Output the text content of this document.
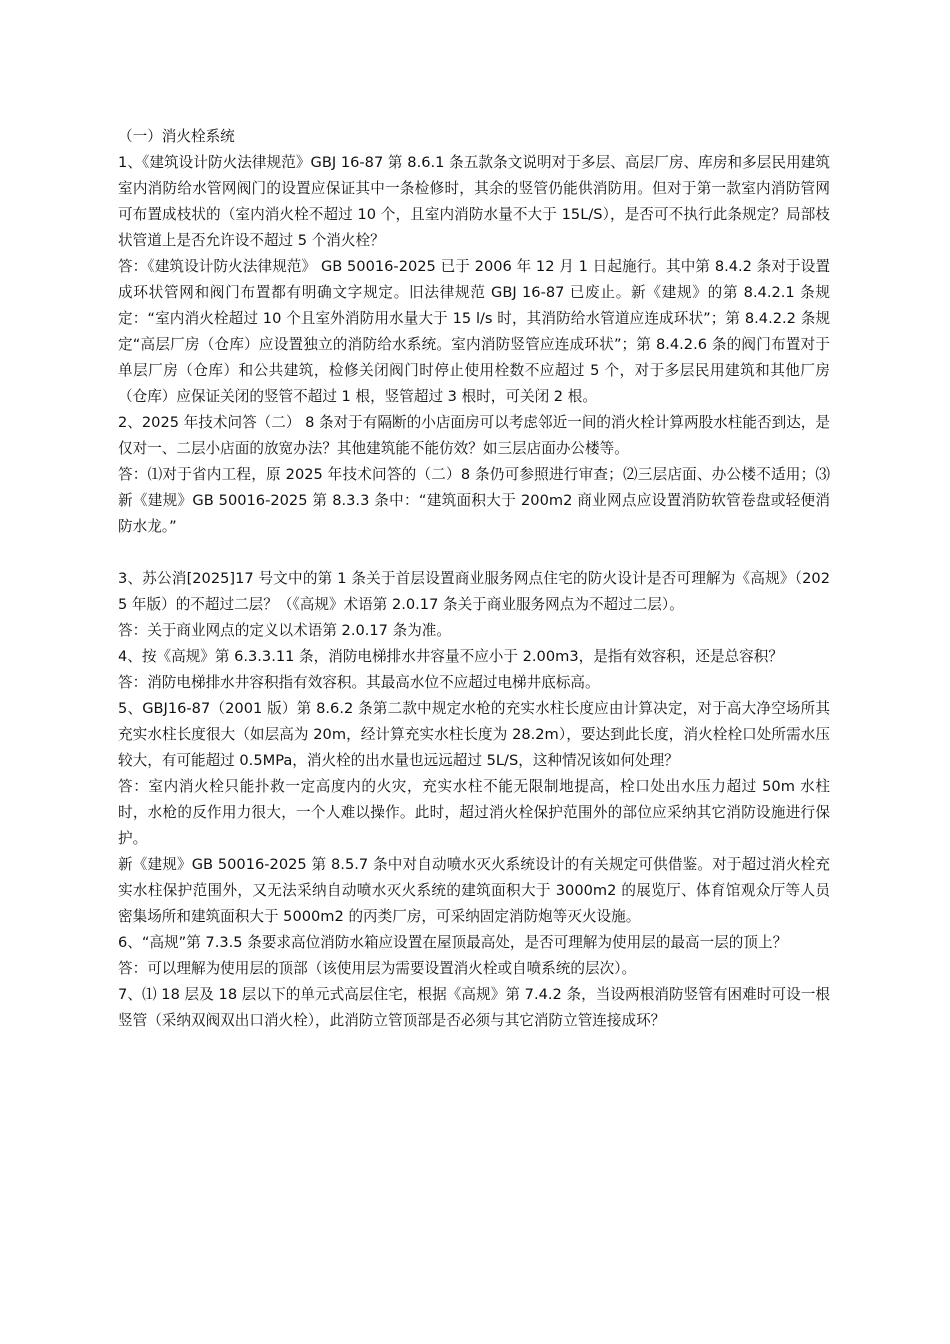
（一）消火栓系统

1、《建筑设计防火法律规范》GBJ 16-87 第 8.6.1 条五款条文说明对于多层、高层厂房、库房和多层民用建筑室内消防给水管网阀门的设置应保证其中一条检修时，其余的竖管仍能供消防用。但对于第一款室内消防管网可布置成枝状的（室内消火栓不超过 10 个，且室内消防水量不大于 15L/S），是否可不执行此条规定？局部枝状管道上是否允许设不超过 5 个消火栓？

答：《建筑设计防火法律规范》 GB 50016-2025 已于 2006 年 12 月 1 日起施行。其中第 8.4.2 条对于设置成环状管网和阀门布置都有明确文字规定。旧法律规范 GBJ 16-87 已废止。新《建规》的第 8.4.2.1 条规定：“室内消火栓超过 10 个且室外消防用水量大于 15 l/s 时，其消防给水管道应连成环状”；第 8.4.2.2 条规定“高层厂房（仓库）应设置独立的消防给水系统。室内消防竖管应连成环状”；第 8.4.2.6 条的阀门布置对于单层厂房（仓库）和公共建筑，检修关闭阀门时停止使用栓数不应超过 5 个，对于多层民用建筑和其他厂房（仓库）应保证关闭的竖管不超过 1 根，竖管超过 3 根时，可关闭 2 根。

2、2025 年技术问答（二） 8 条对于有隔断的小店面房可以考虑邻近一间的消火栓计算两股水柱能否到达，是仅对一、二层小店面的放宽办法？其他建筑能不能仿效？如三层店面办公楼等。

答：⑴对于省内工程，原 2025 年技术问答的（二）8 条仍可参照进行审查；⑵三层店面、办公楼不适用；⑶新《建规》GB 50016-2025 第 8.3.3 条中：“建筑面积大于 200m2 商业网点应设置消防软管卷盘或轻便消防水龙。”

3、苏公消[2025]17 号文中的第 1 条关于首层设置商业服务网点住宅的防火设计是否可理解为《高规》（2025 年版）的不超过二层？（《高规》术语第 2.0.17 条关于商业服务网点为不超过二层）。

答：关于商业网点的定义以术语第 2.0.17 条为准。

4、按《高规》第 6.3.3.11 条，消防电梯排水井容量不应小于 2.00m3，是指有效容积，还是总容积？

答：消防电梯排水井容积指有效容积。其最高水位不应超过电梯井底标高。

5、GBJ16-87（2001 版）第 8.6.2 条第二款中规定水枪的充实水柱长度应由计算决定，对于高大净空场所其充实水柱长度很大（如层高为 20m，经计算充实水柱长度为 28.2m），要达到此长度，消火栓栓口处所需水压较大，有可能超过 0.5MPa，消火栓的出水量也远远超过 5L/S，这种情况该如何处理？

答：室内消火栓只能扑救一定高度内的火灾，充实水柱不能无限制地提高，栓口处出水压力超过 50m 水柱时，水枪的反作用力很大，一个人难以操作。此时，超过消火栓保护范围外的部位应采纳其它消防设施进行保护。

新《建规》GB 50016-2025 第 8.5.7 条中对自动喷水灭火系统设计的有关规定可供借鉴。对于超过消火栓充实水柱保护范围外，又无法采纳自动喷水灭火系统的建筑面积大于 3000m2 的展览厅、体育馆观众厅等人员密集场所和建筑面积大于 5000m2 的丙类厂房，可采纳固定消防炮等灭火设施。

6、“高规”第 7.3.5 条要求高位消防水箱应设置在屋顶最高处，是否可理解为使用层的最高一层的顶上？

答：可以理解为使用层的顶部（该使用层为需要设置消火栓或自喷系统的层次）。

7、⑴ 18 层及 18 层以下的单元式高层住宅，根据《高规》第 7.4.2 条，当设两根消防竖管有困难时可设一根竖管（采纳双阀双出口消火栓），此消防立管顶部是否必须与其它消防立管连接成环？
